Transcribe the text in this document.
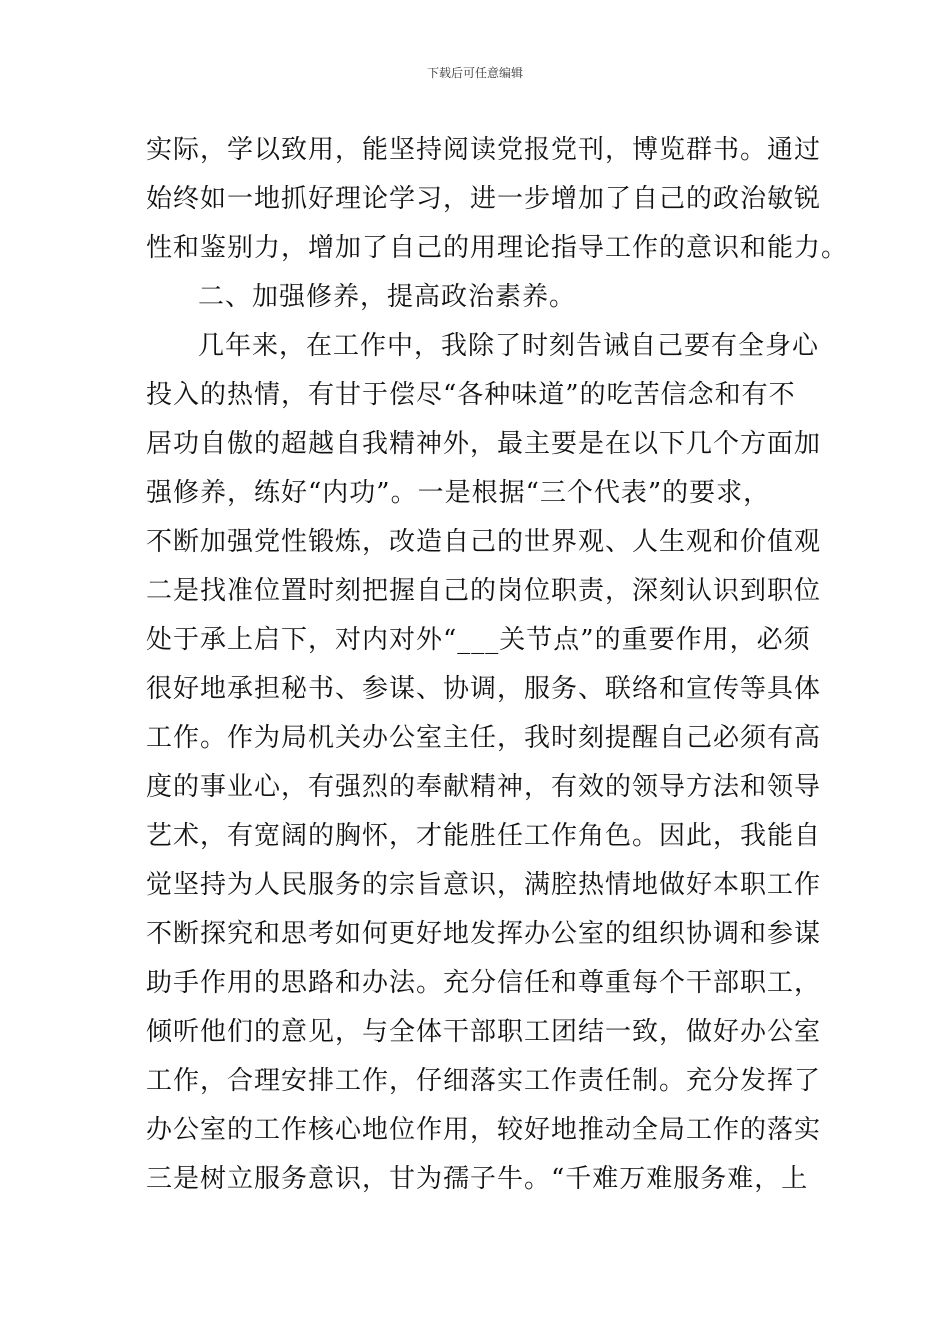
下载后可任意编辑
实际，学以致用，能坚持阅读党报党刊，博览群书。通过
始终如一地抓好理论学习，进一步增加了自己的政治敏锐
性和鉴别力，增加了自己的用理论指导工作的意识和能力。
二、加强修养，提高政治素养。
几年来，在工作中，我除了时刻告诫自己要有全身心
投入的热情，有甘于偿尽“各种味道”的吃苦信念和有不
居功自傲的超越自我精神外，最主要是在以下几个方面加
强修养，练好“内功”。一是根据“三个代表”的要求，
不断加强党性锻炼，改造自己的世界观、人生观和价值观
二是找准位置时刻把握自己的岗位职责，深刻认识到职位
处于承上启下，对内对外“___关节点”的重要作用，必须
很好地承担秘书、参谋、协调，服务、联络和宣传等具体
工作。作为局机关办公室主任，我时刻提醒自己必须有高
度的事业心，有强烈的奉献精神，有效的领导方法和领导
艺术，有宽阔的胸怀，才能胜任工作角色。因此，我能自
觉坚持为人民服务的宗旨意识，满腔热情地做好本职工作
不断探究和思考如何更好地发挥办公室的组织协调和参谋
助手作用的思路和办法。充分信任和尊重每个干部职工，
倾听他们的意见，与全体干部职工团结一致，做好办公室
工作，合理安排工作，仔细落实工作责任制。充分发挥了
办公室的工作核心地位作用，较好地推动全局工作的落实
三是树立服务意识，甘为孺子牛。“千难万难服务难，上
